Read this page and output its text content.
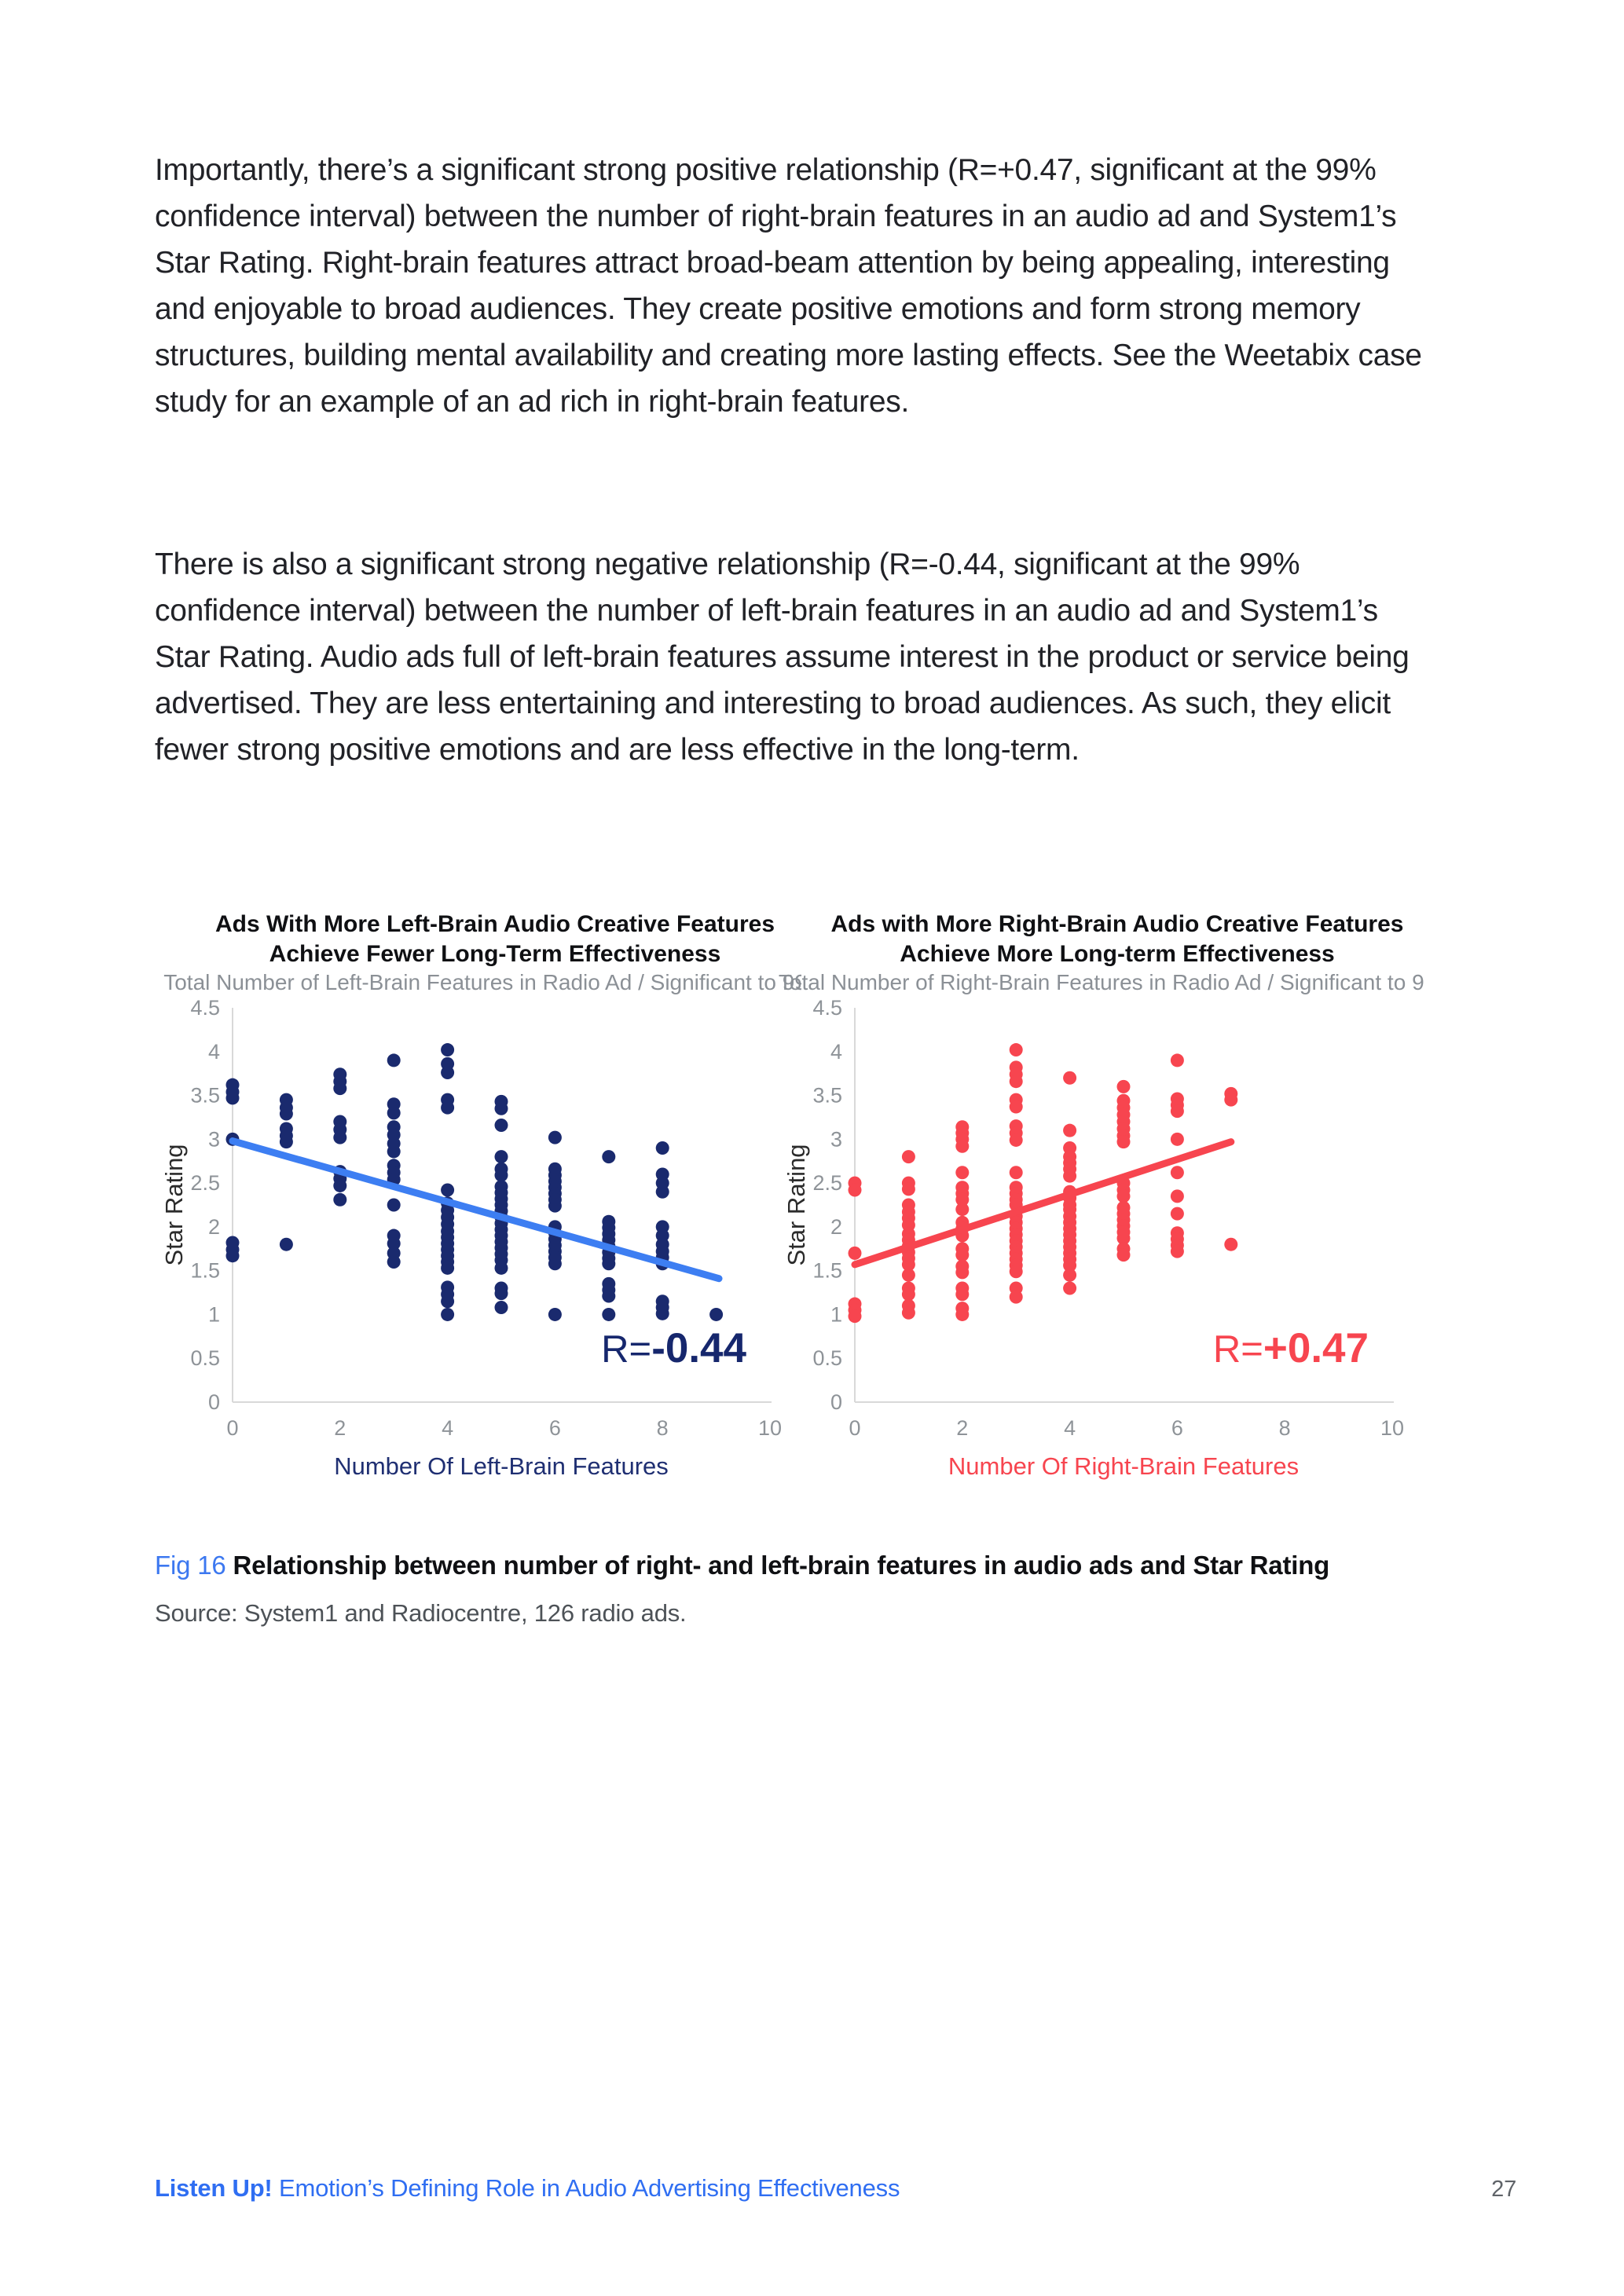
Importantly, there’s a significant strong positive relationship (R=+0.47, significant at the 99% confidence interval) between the number of right-brain features in an audio ad and System1’s Star Rating. Right-brain features attract broad-beam attention by being appealing, interesting and enjoyable to broad audiences. They create positive emotions and form strong memory structures, building mental availability and creating more lasting effects. See the Weetabix case study for an example of an ad rich in right-brain features.

There is also a significant strong negative relationship (R=-0.44, significant at the 99% confidence interval) between the number of left-brain features in an audio ad and System1’s Star Rating. Audio ads full of left-brain features assume interest in the product or service being advertised. They are less entertaining and interesting to broad audiences. As such, they elicit fewer strong positive emotions and are less effective in the long-term.

Ads With More Left-Brain Audio Creative Features
Achieve Fewer Long-Term Effectiveness
Total Number of Left-Brain Features in Radio Ad / Significant to 99%
0
0.5
1
1.5
2
2.5
3
3.5
4
4.5
0	2	4	6	8	10
Number Of Left-Brain Features
Star Rating
R=-0.44
Ads with More Right-Brain Audio Creative Features
Achieve More Long-term Effectiveness
Total Number of Right-Brain Features in Radio Ad / Significant to 99%
0
0.5
1
1.5
2
2.5
3
3.5
4
4.5
0	2	4	6	8	10
Number Of Right-Brain Features
Star Rating
R=+0.47
Fig 16 Relationship between number of right- and left-brain features in audio ads and Star Rating
Source: System1 and Radiocentre, 126 radio ads.
Listen Up! Emotion’s Defining Role in Audio Advertising Effectiveness	27
